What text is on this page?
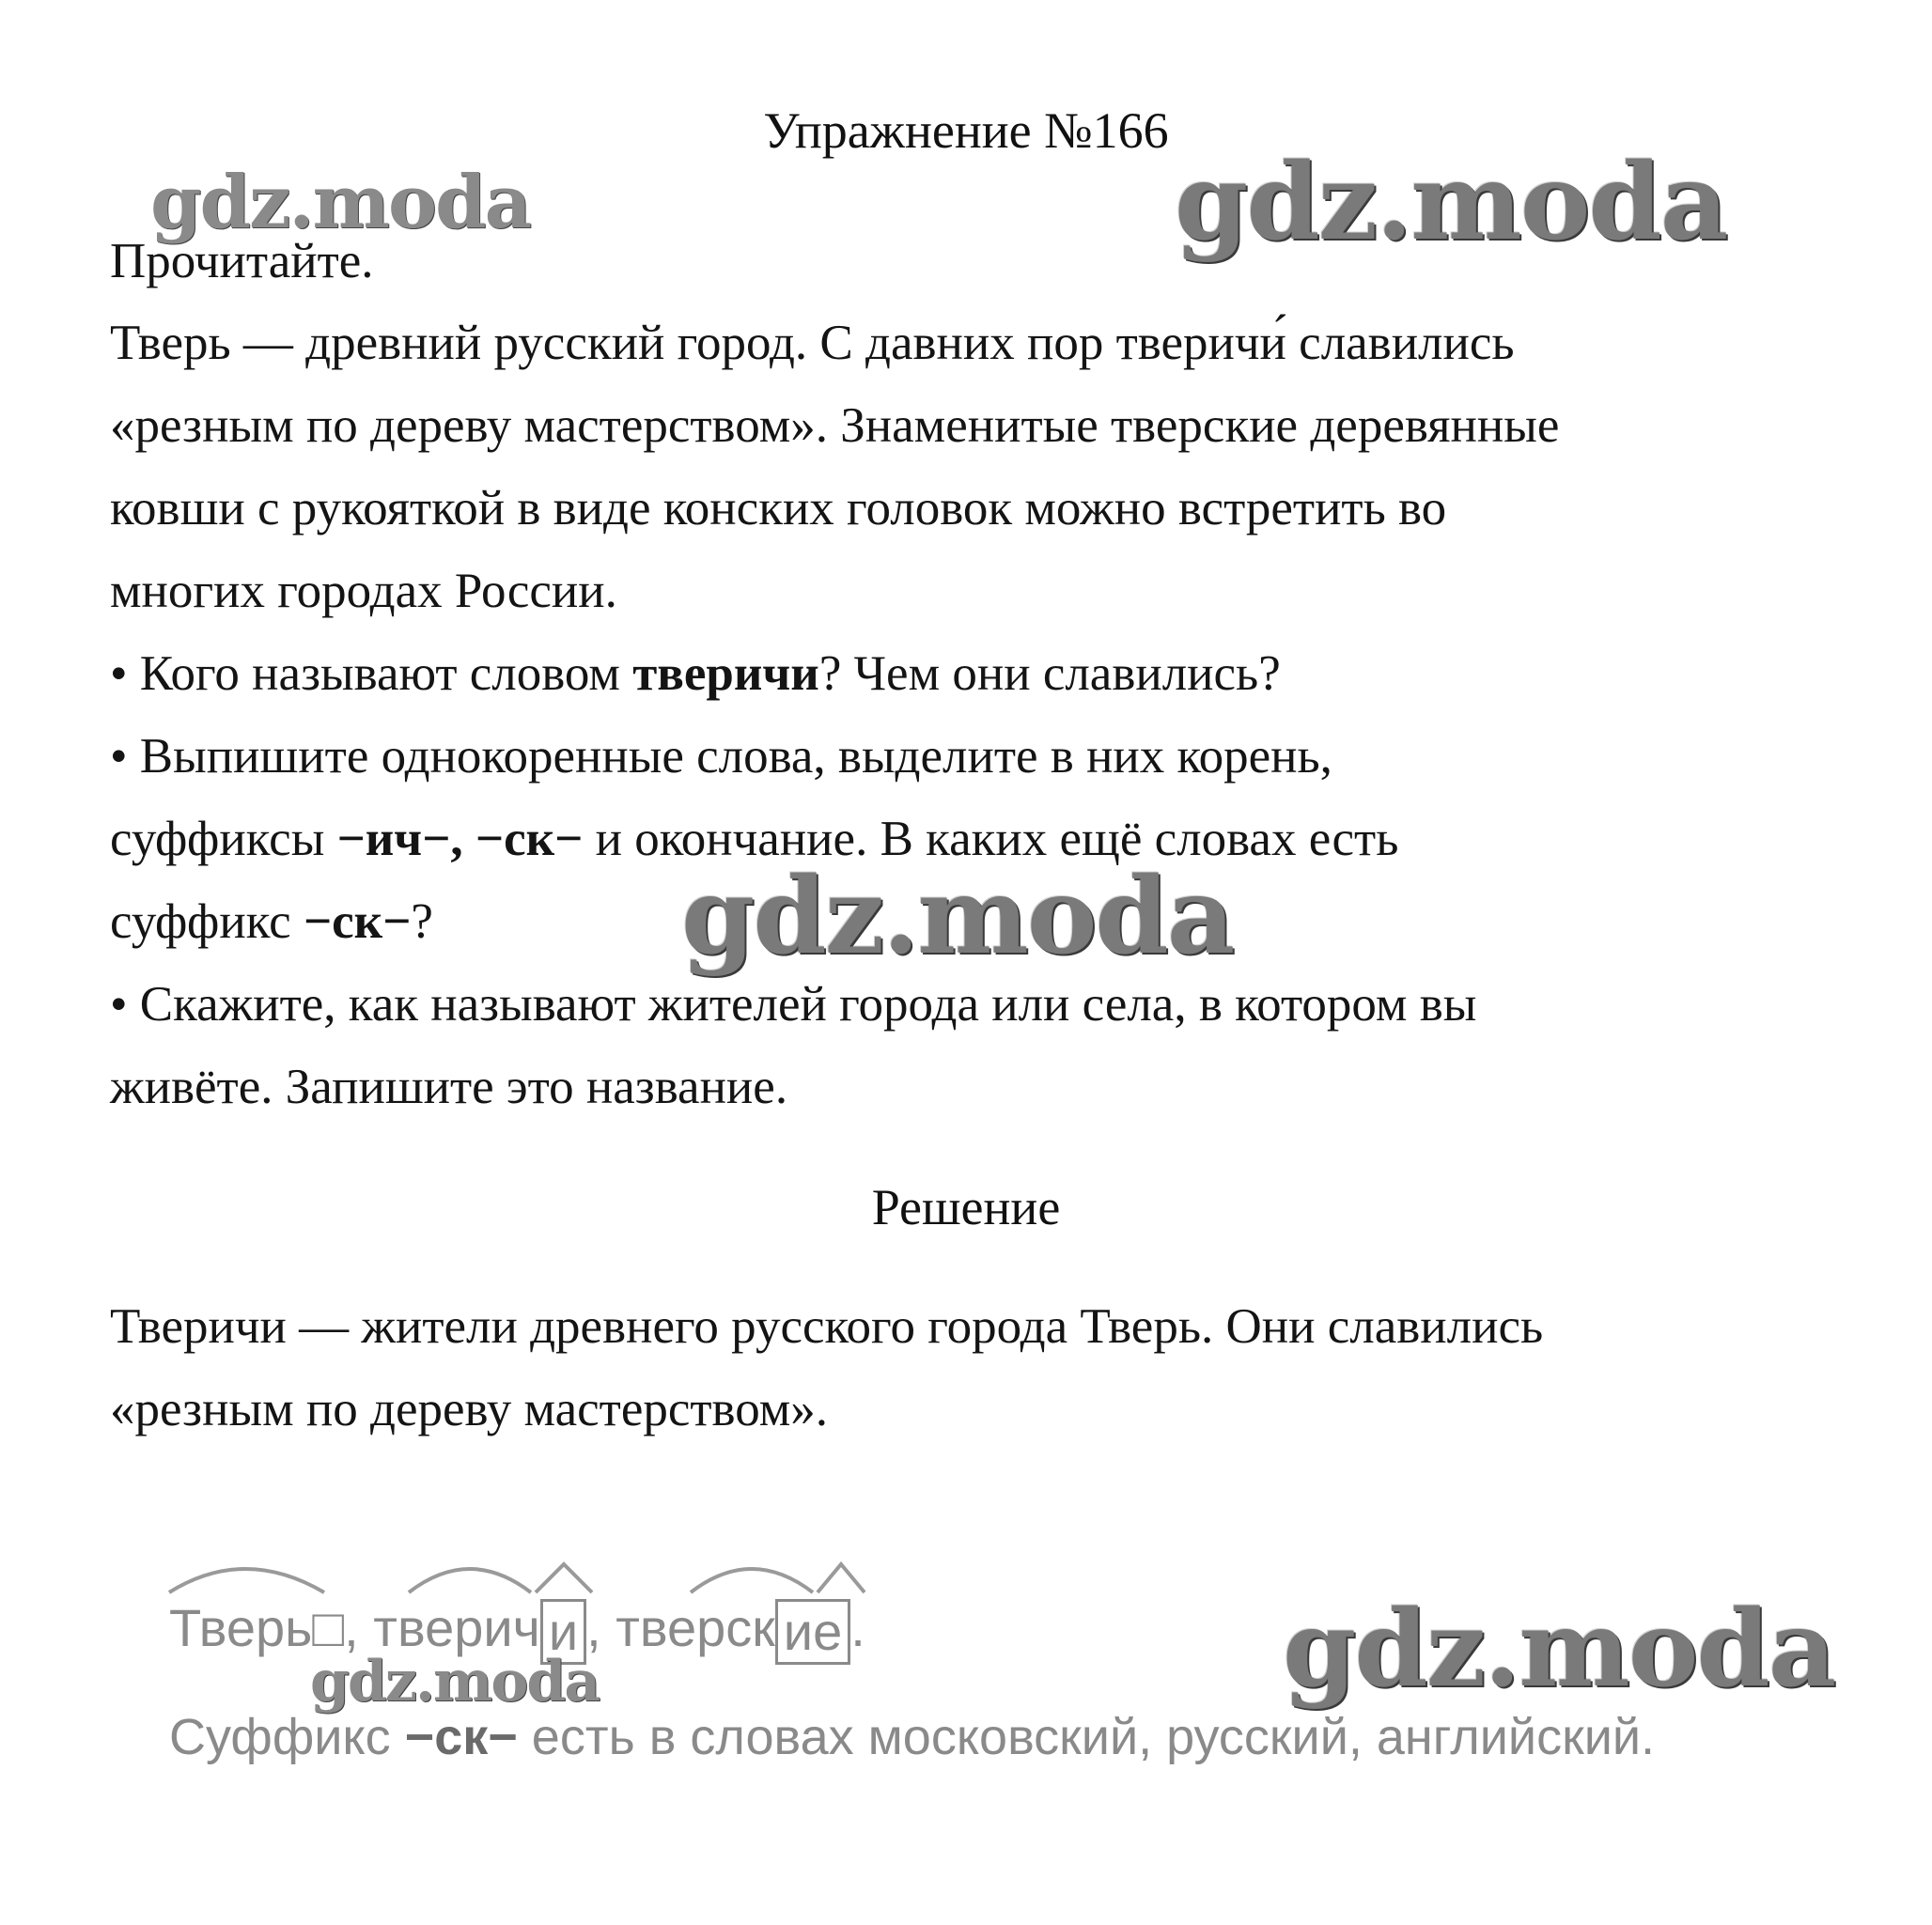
Упражнение №166
Прочитайте.
Тверь — древний русский город. С давних пор тверичи́ славились
«резным по дереву мастерством». Знаменитые тверские деревянные
ковши с рукояткой в виде конских головок можно встретить во
многих городах России.
• Кого называют словом тверичи? Чем они славились?
• Выпишите однокоренные слова, выделите в них корень,
суффиксы −ич−, −ск− и окончание. В каких ещё словах есть
суффикс −ск−?
• Скажите, как называют жителей города или села, в котором вы
живёте. Запишите это название.
Решение
Тверичи — жители древнего русского города Тверь. Они славились
«резным по дереву мастерством».
Тверь□, тверич и , тверск ие .
Суффикс −ск− есть в словах московский, русский, английский.
gdz.moda	gdz.moda
gdz.moda
gdz.moda	gdz.moda
